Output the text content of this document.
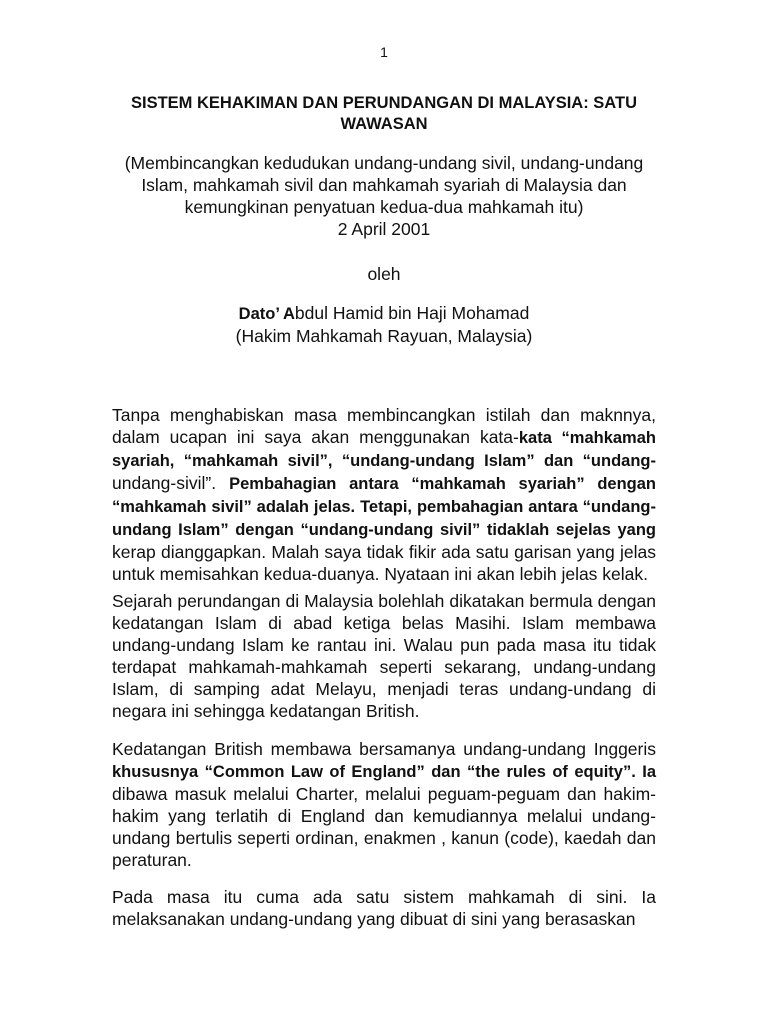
1
SISTEM KEHAKIMAN DAN PERUNDANGAN DI MALAYSIA: SATU WAWASAN
(Membincangkan kedudukan undang-undang sivil, undang-undang
Islam, mahkamah sivil dan mahkamah syariah di Malaysia dan
kemungkinan penyatuan kedua-dua mahkamah itu)
2 April 2001
oleh
Dato’ Abdul Hamid bin Haji Mohamad
(Hakim Mahkamah Rayuan, Malaysia)

Tanpa menghabiskan masa membincangkan istilah dan maknnya, dalam ucapan ini saya akan menggunakan kata-kata “mahkamah syariah, “mahkamah sivil”, “undang-undang Islam” dan “undang-undang-sivil”. Pembahagian antara “mahkamah syariah” dengan “mahkamah sivil” adalah jelas. Tetapi, pembahagian antara “undang-undang Islam” dengan “undang-undang sivil” tidaklah sejelas yang kerap dianggapkan. Malah saya tidak fikir ada satu garisan yang jelas untuk memisahkan kedua-duanya. Nyataan ini akan lebih jelas kelak.

Sejarah perundangan di Malaysia bolehlah dikatakan bermula dengan kedatangan Islam di abad ketiga belas Masihi. Islam membawa undang-undang Islam ke rantau ini. Walau pun pada masa itu tidak terdapat mahkamah-mahkamah seperti sekarang, undang-undang Islam, di samping adat Melayu, menjadi teras undang-undang di negara ini sehingga kedatangan British.

Kedatangan British membawa bersamanya undang-undang Inggeris khususnya “Common Law of England” dan “the rules of equity”. Ia dibawa masuk melalui Charter, melalui peguam-peguam dan hakim-hakim yang terlatih di England dan kemudiannya melalui undang-undang bertulis seperti ordinan, enakmen , kanun (code), kaedah dan peraturan.

Pada masa itu cuma ada satu sistem mahkamah di sini. Ia melaksanakan undang-undang yang dibuat di sini yang berasaskan
